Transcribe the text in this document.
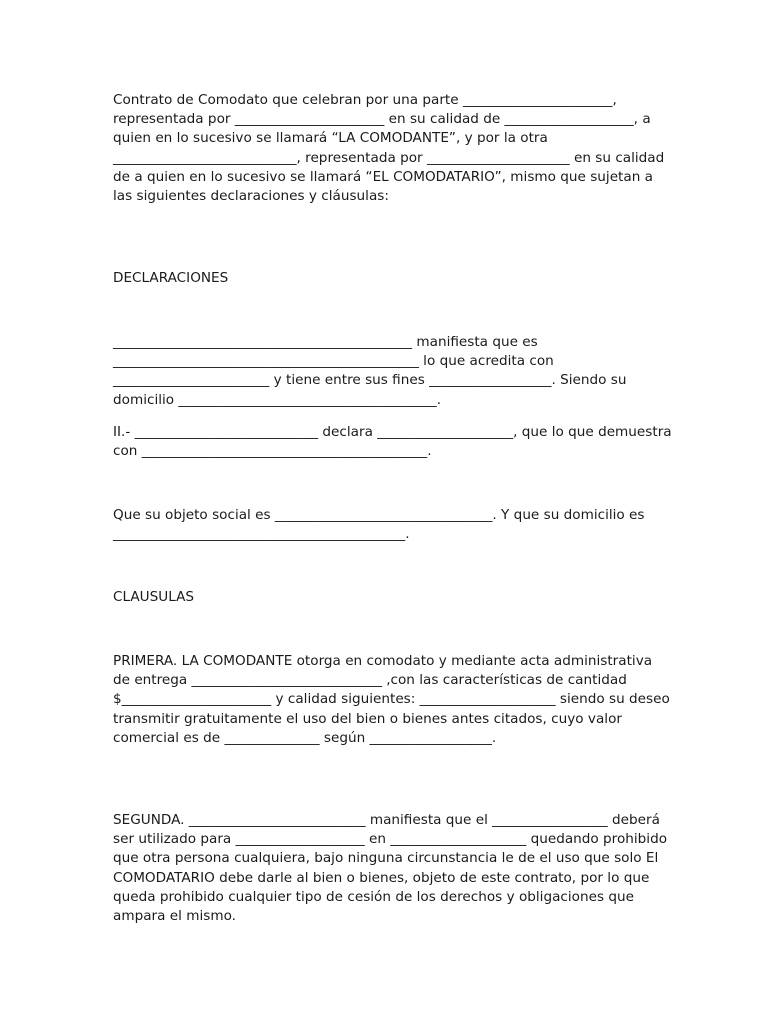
Contrato de Comodato que celebran por una parte ______________________, representada por ______________________ en su calidad de ___________________, a quien en lo sucesivo se llamará “LA COMODANTE”, y por la otra ___________________________, representada por _____________________ en su calidad de a quien en lo sucesivo se llamará “EL COMODATARIO”, mismo que sujetan a las siguientes declaraciones y cláusulas:

DECLARACIONES

____________________________________________ manifiesta que es _____________________________________________ lo que acredita con _______________________ y tiene entre sus fines __________________. Siendo su domicilio ______________________________________.

II.- ___________________________ declara ____________________, que lo que demuestra con __________________________________________.

Que su objeto social es ________________________________. Y que su domicilio es ___________________________________________.

CLAUSULAS

PRIMERA. LA COMODANTE otorga en comodato y mediante acta administrativa de entrega ____________________________ ,con las características de cantidad $______________________ y calidad siguientes: ____________________ siendo su deseo transmitir gratuitamente el uso del bien o bienes antes citados, cuyo valor comercial es de ______________ según __________________.

SEGUNDA. __________________________ manifiesta que el _________________ deberá ser utilizado para ___________________ en ____________________ quedando prohibido que otra persona cualquiera, bajo ninguna circunstancia le de el uso que solo El COMODATARIO debe darle al bien o bienes, objeto de este contrato, por lo que queda prohibido cualquier tipo de cesión de los derechos y obligaciones que ampara el mismo.
